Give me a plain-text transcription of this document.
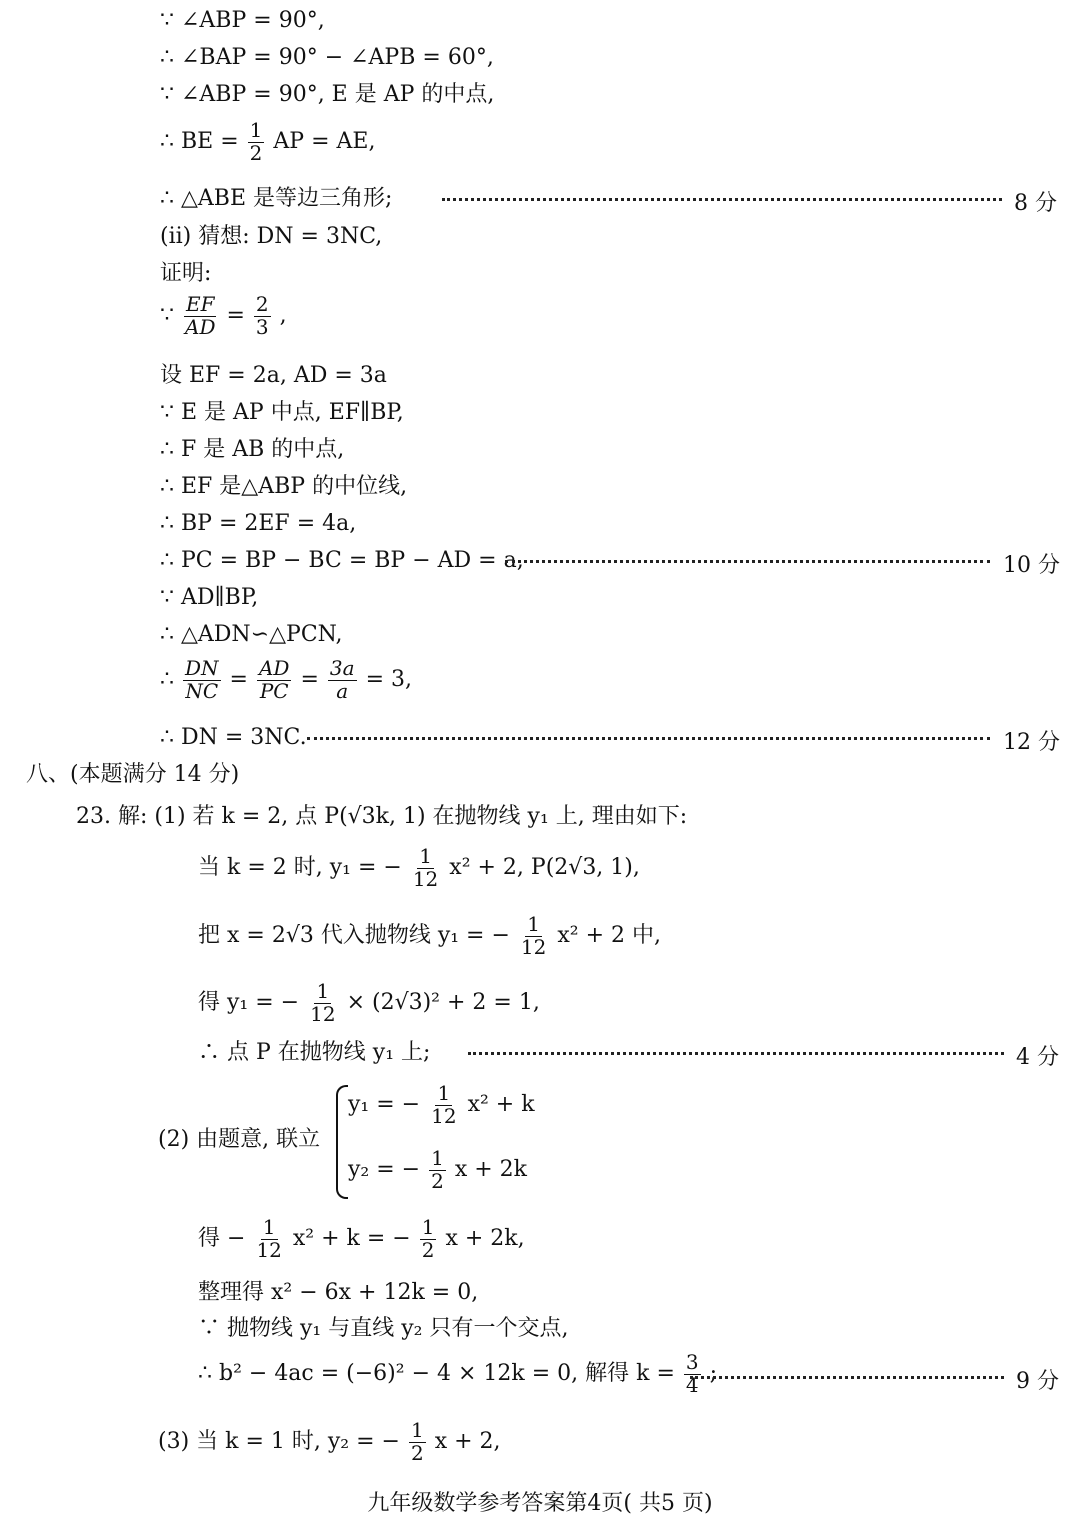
∵ ∠ABP = 90°,
∴ ∠BAP = 90° − ∠APB = 60°,
∵ ∠ABP = 90°, E 是 AP 的中点,
∴ BE = $\frac{1}{2}$ AP = AE,
∴ △ABE 是等边三角形;	8 分
(ⅱ) 猜想: DN = 3NC,
证明:
∵ $\frac{EF}{AD} = \frac{2}{3}$ ,
设 EF = 2a, AD = 3a
∵ E 是 AP 中点, EF∥BP,
∴ F 是 AB 的中点,
∴ EF 是△ABP 的中位线,
∴ BP = 2EF = 4a,
∴ PC = BP − BC = BP − AD = a,	10 分
∵ AD∥BP,
∴ △ADN∽△PCN,
∴ $\frac{DN}{NC} = \frac{AD}{PC} = \frac{3a}{a} = 3$,
∴ DN = 3NC.	12 分
八、(本题满分 14 分)
23. 解: (1) 若 k = 2, 点 P(√3k, 1) 在抛物线 y₁ 上, 理由如下:
当 k = 2 时, y₁ = − $\frac{1}{12} x^2 + 2$, P(2√3, 1),
把 x = 2√3 代入抛物线 y₁ = − $\frac{1}{12} x^2 + 2$ 中,
得 y₁ = − $\frac{1}{12} \times (2√3)^2 + 2 = 1$,
∴ 点 P 在抛物线 y₁ 上;	4 分
(2) 由题意, 联立
y₁ = − $\frac{1}{12} x^2 + k$
y₂ = − $\frac{1}{2}$ x + 2k
得 − $\frac{1}{12} x^2 + k$ = − $\frac{1}{2}$ x + 2k,
整理得 x² − 6x + 12k = 0,
∵ 抛物线 y₁ 与直线 y₂ 只有一个交点,
∴ b² − 4ac = (−6)² − 4 × 12k = 0, 解得 $k = \frac{3}{4}$ ;	9 分
(3) 当 k = 1 时, y₂ = − $\frac{1}{2}$ x + 2,
九年级数学参考答案第4页( 共5 页)
